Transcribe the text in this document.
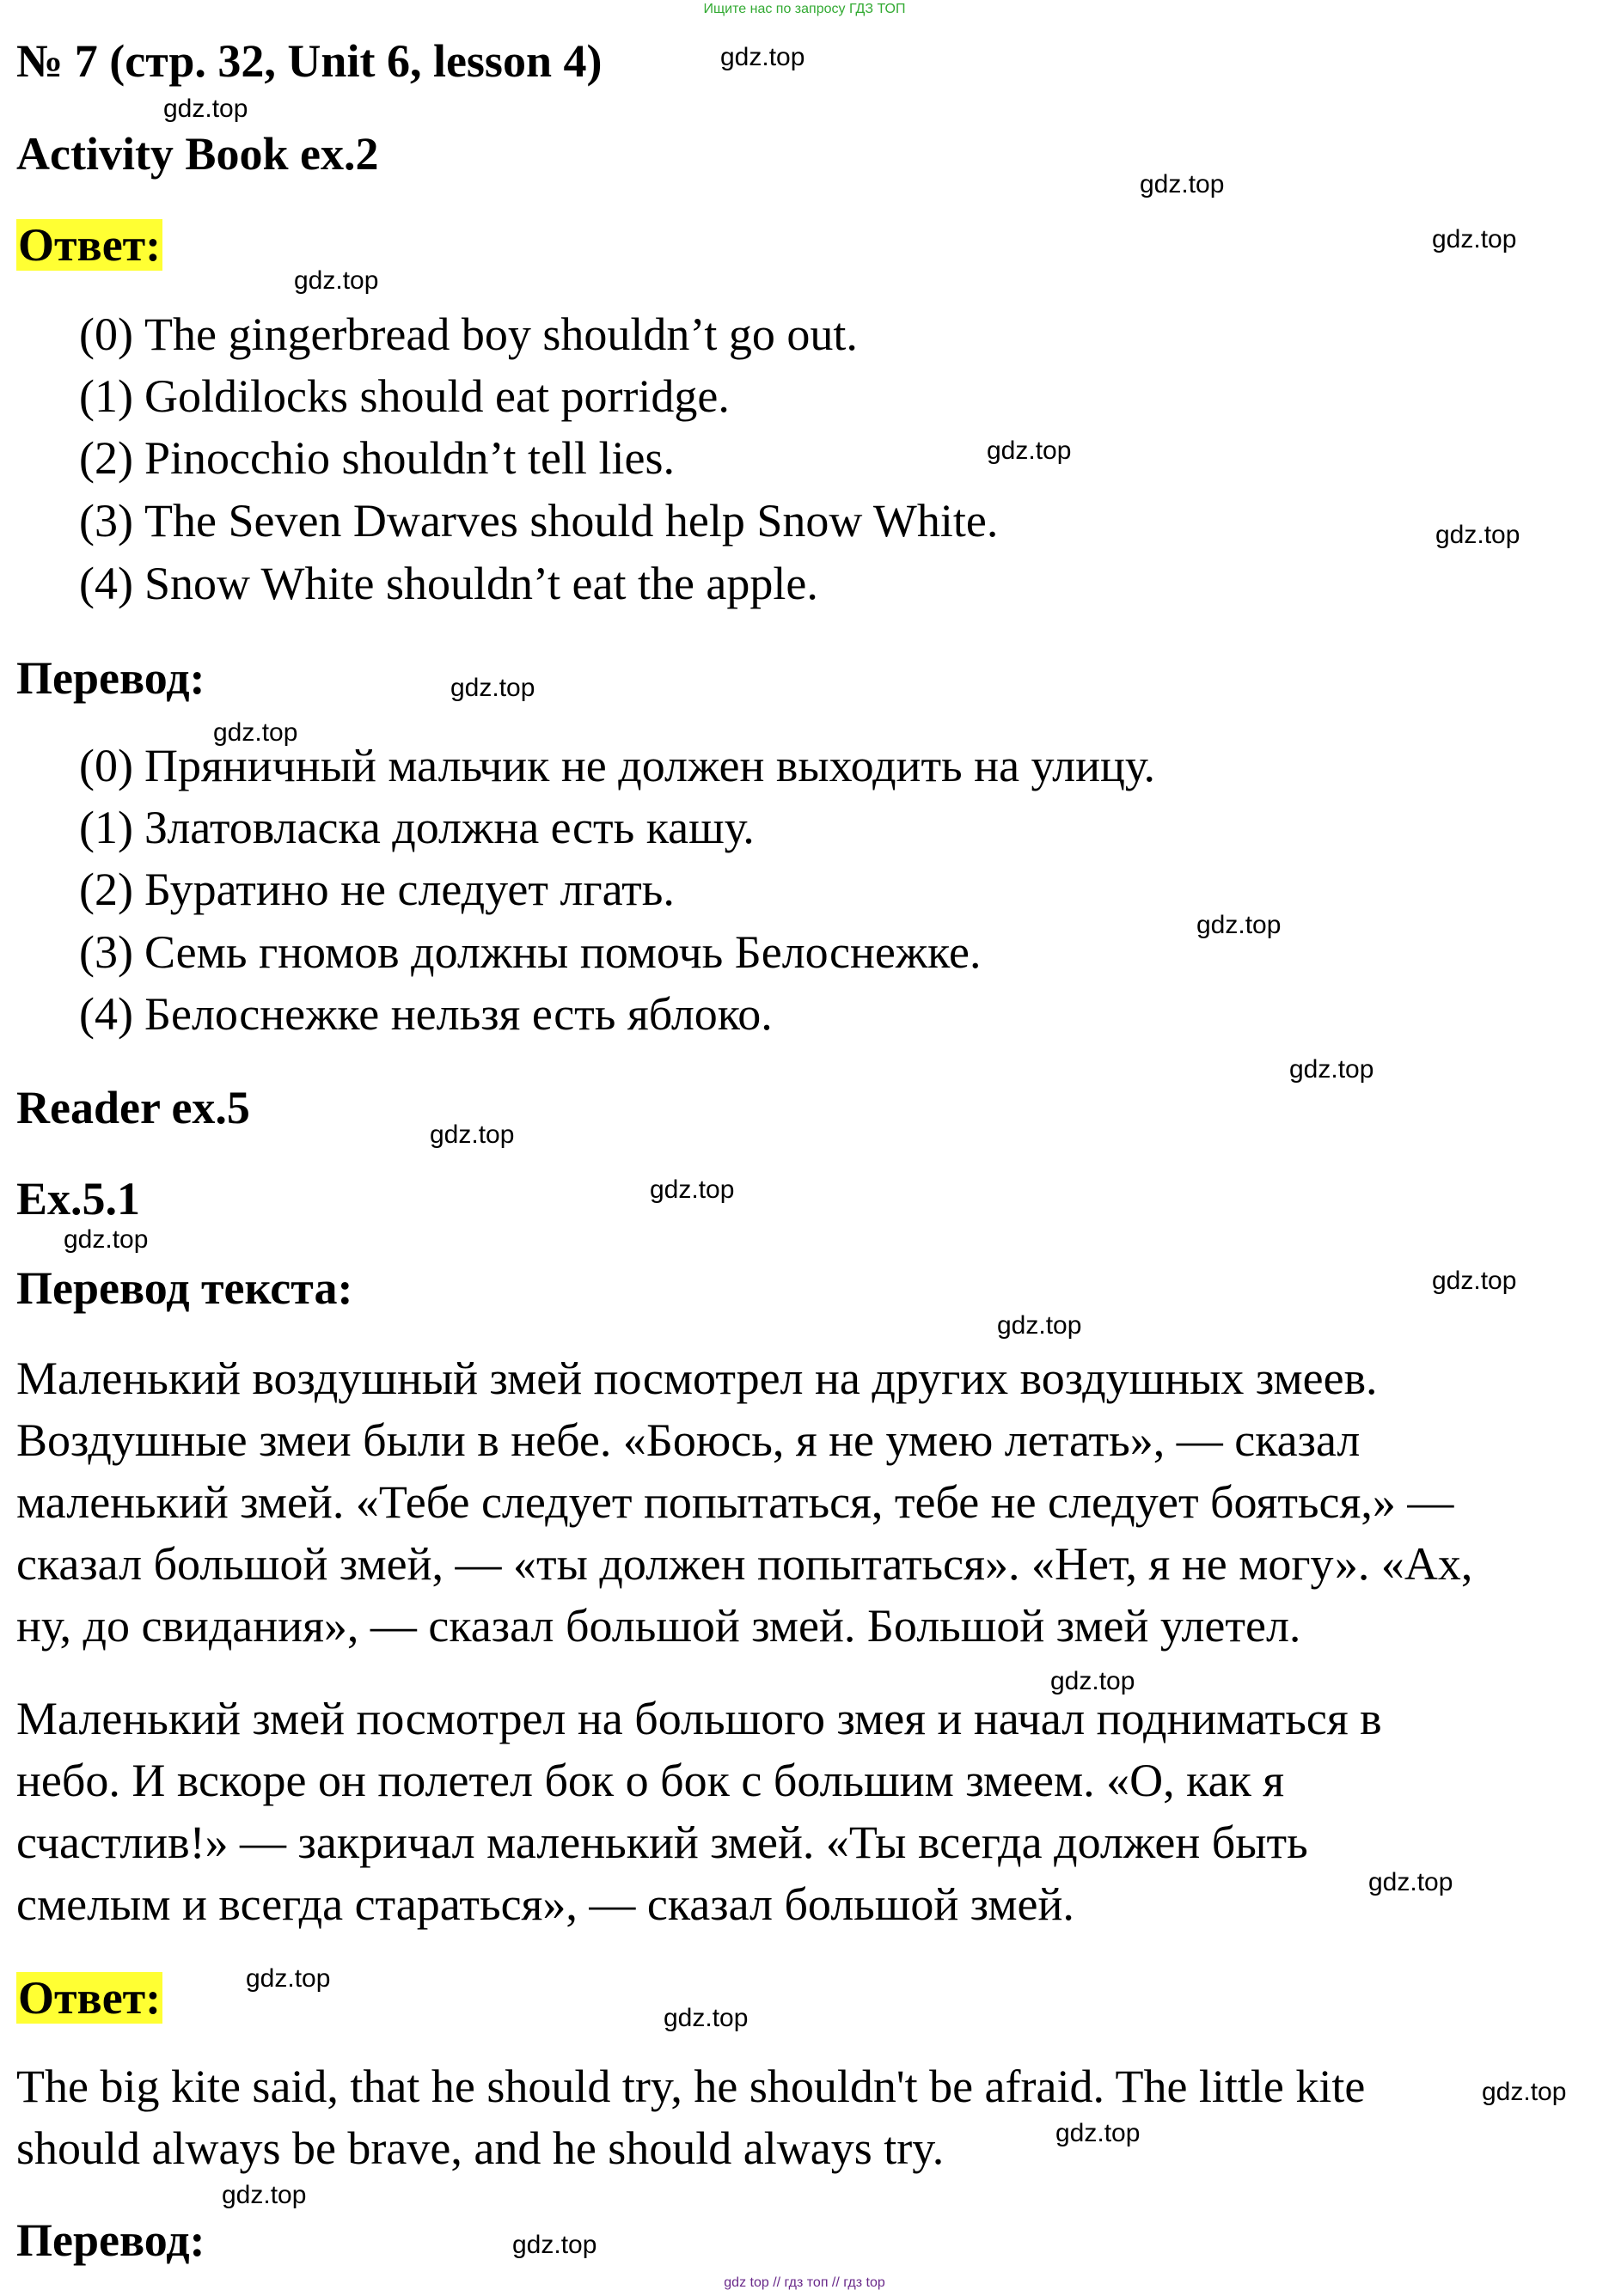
Ищите нас по запросу ГДЗ ТОП
№ 7 (стр. 32, Unit 6, lesson 4)
Activity Book ex.2
Ответ:
(0) The gingerbread boy shouldn’t go out.
(1) Goldilocks should eat porridge.
(2) Pinocchio shouldn’t tell lies.
(3) The Seven Dwarves should help Snow White.
(4) Snow White shouldn’t eat the apple.
Перевод:
(0) Пряничный мальчик не должен выходить на улицу.
(1) Златовласка должна есть кашу.
(2) Буратино не следует лгать.
(3) Семь гномов должны помочь Белоснежке.
(4) Белоснежке нельзя есть яблоко.
Reader ex.5
Ex.5.1
Перевод текста:
Маленький воздушный змей посмотрел на других воздушных змеев.
Воздушные змеи были в небе. «Боюсь, я не умею летать», — сказал
маленький змей. «Тебе следует попытаться, тебе не следует бояться,» —
сказал большой змей, — «ты должен попытаться». «Нет, я не могу». «Ах,
ну, до свидания», — сказал большой змей. Большой змей улетел.
Маленький змей посмотрел на большого змея и начал подниматься в
небо. И вскоре он полетел бок о бок с большим змеем. «О, как я
счастлив!» — закричал маленький змей. «Ты всегда должен быть
смелым и всегда стараться», — сказал большой змей.
Ответ:
The big kite said, that he should try, he shouldn't be afraid. The little kite
should always be brave, and he should always try.
Перевод:
gdz.top
gdz.top
gdz.top
gdz.top
gdz.top
gdz.top
gdz.top
gdz.top
gdz.top
gdz.top
gdz.top
gdz.top
gdz.top
gdz.top
gdz.top
gdz.top
gdz.top
gdz.top
gdz.top
gdz.top
gdz.top
gdz.top
gdz.top
gdz.top
gdz top // гдз топ // гдз top
